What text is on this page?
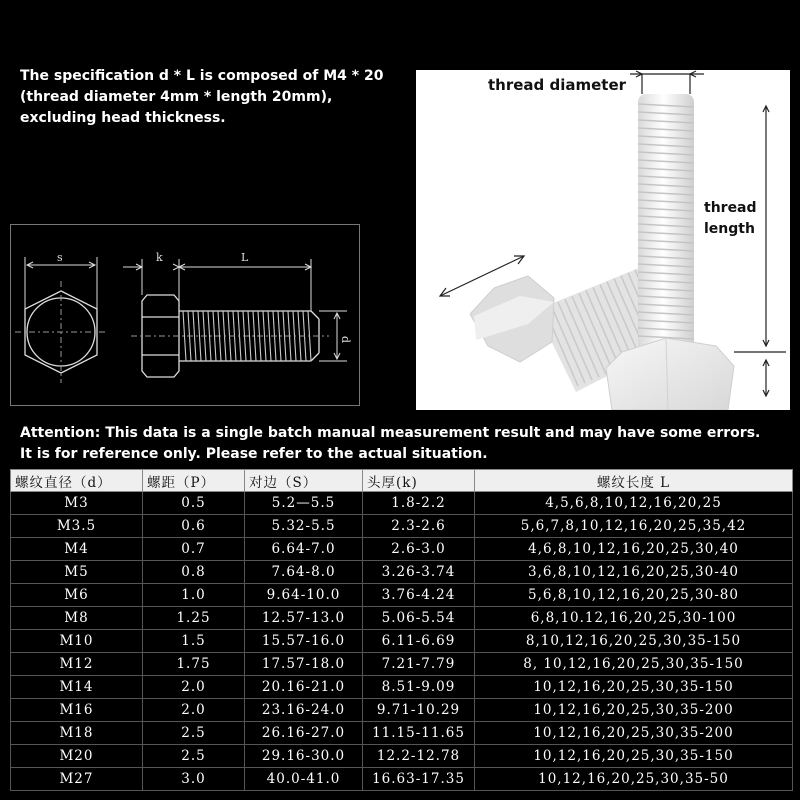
The specification d * L is composed of M4 * 20
(thread diameter 4mm * length 20mm),
excluding head thickness.
s	k	L
d
thread diameter
thread
length
Attention: This data is a single batch manual measurement result and may have some errors.
It is for reference only. Please refer to the actual situation.
螺纹直径（d）	螺距（P）	对边（S）	头厚(k)	螺纹长度 L
M3	0.5	5.2—5.5	1.8-2.2	4,5,6,8,10,12,16,20,25
M3.5	0.6	5.32-5.5	2.3-2.6	5,6,7,8,10,12,16,20,25,35,42
M4	0.7	6.64-7.0	2.6-3.0	4,6,8,10,12,16,20,25,30,40
M5	0.8	7.64-8.0	3.26-3.74	3,6,8,10,12,16,20,25,30-40
M6	1.0	9.64-10.0	3.76-4.24	5,6,8,10,12,16,20,25,30-80
M8	1.25	12.57-13.0	5.06-5.54	6,8,10.12,16,20,25,30-100
M10	1.5	15.57-16.0	6.11-6.69	8,10,12,16,20,25,30,35-150
M12	1.75	17.57-18.0	7.21-7.79	8, 10,12,16,20,25,30,35-150
M14	2.0	20.16-21.0	8.51-9.09	10,12,16,20,25,30,35-150
M16	2.0	23.16-24.0	9.71-10.29	10,12,16,20,25,30,35-200
M18	2.5	26.16-27.0	11.15-11.65	10,12,16,20,25,30,35-200
M20	2.5	29.16-30.0	12.2-12.78	10,12,16,20,25,30,35-150
M27	3.0	40.0-41.0	16.63-17.35	10,12,16,20,25,30,35-50
